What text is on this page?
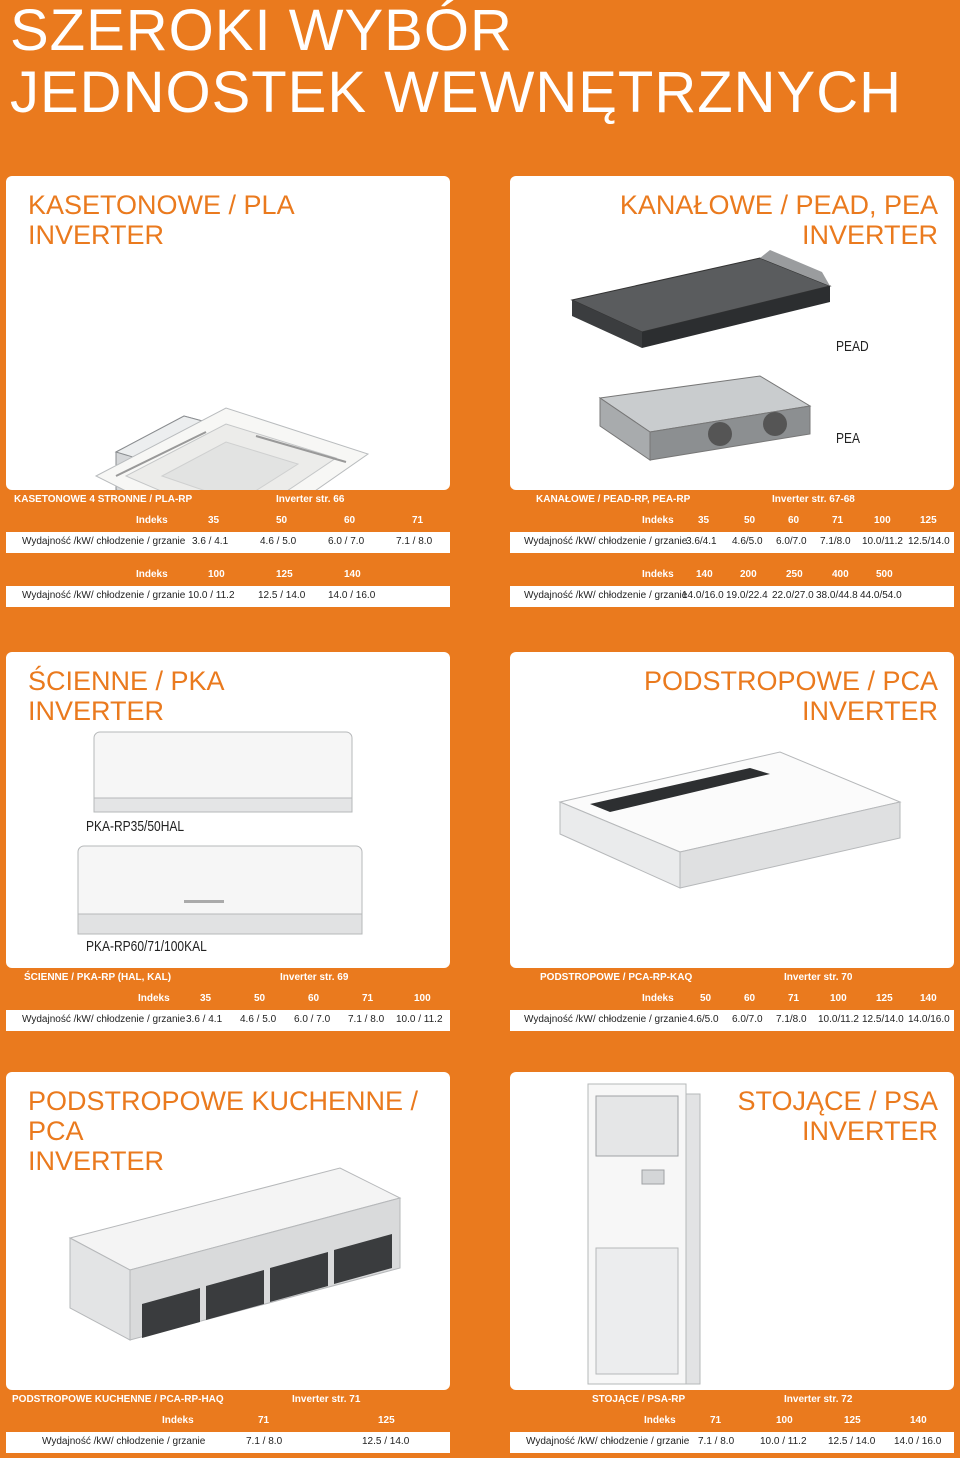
SZEROKI WYBÓR
JEDNOSTEK WEWNĘTRZNYCH
KASETONOWE / PLA
INVERTER
KANAŁOWE / PEAD, PEA
INVERTER
PEAD
PEA
KASETONOWE 4 STRONNE / PLA-RP	Inverter str. 66
Indeks	35	50	60	71
Wydajność /kW/ chłodzenie / grzanie 3.6 / 4.1	4.6 / 5.0	6.0 / 7.0	7.1 / 8.0
Indeks	100	125	140
Wydajność /kW/ chłodzenie / grzanie 10.0 / 11.2 12.5 / 14.0 14.0 / 16.0
KANAŁOWE / PEAD-RP, PEA-RP	Inverter str. 67-68
Indeks 35	50	60	71	100	125
Wydajność /kW/ chłodzenie / grzanie
3.6/4.1 4.6/5.0 6.0/7.0 7.1/8.0 10.0/11.2 12.5/14.0
Indeks 140	200	250	400	500
Wydajność /kW/ chłodzenie / grzanie
14.0/16.0 19.0/22.4 22.0/27.0 38.0/44.8 44.0/54.0
ŚCIENNE / PKA
INVERTER
PKA-RP35/50HAL
PKA-RP60/71/100KAL
PODSTROPOWE / PCA
INVERTER
ŚCIENNE / PKA-RP (HAL, KAL)	Inverter str. 69
Indeks	35	50	60	71	100
Wydajność /kW/ chłodzenie / grzanie 3.6 / 4.1 4.6 / 5.0 6.0 / 7.0 7.1 / 8.0 10.0 / 11.2
PODSTROPOWE / PCA-RP-KAQ	Inverter str. 70
Indeks	50	60	71	100	125	140
Wydajność /kW/ chłodzenie / grzanie 4.6/5.0 6.0/7.0 7.1/8.0 10.0/11.2 12.5/14.0 14.0/16.0
PODSTROPOWE KUCHENNE / PCA
INVERTER
STOJĄCE / PSA
INVERTER
PODSTROPOWE KUCHENNE / PCA-RP-HAQ	Inverter str. 71
Indeks	71	125
Wydajność /kW/ chłodzenie / grzanie	7.1 / 8.0	12.5 / 14.0
STOJĄCE / PSA-RP	Inverter str. 72
Indeks	71	100	125	140
Wydajność /kW/ chłodzenie / grzanie 7.1 / 8.0	10.0 / 11.2 12.5 / 14.0 14.0 / 16.0
